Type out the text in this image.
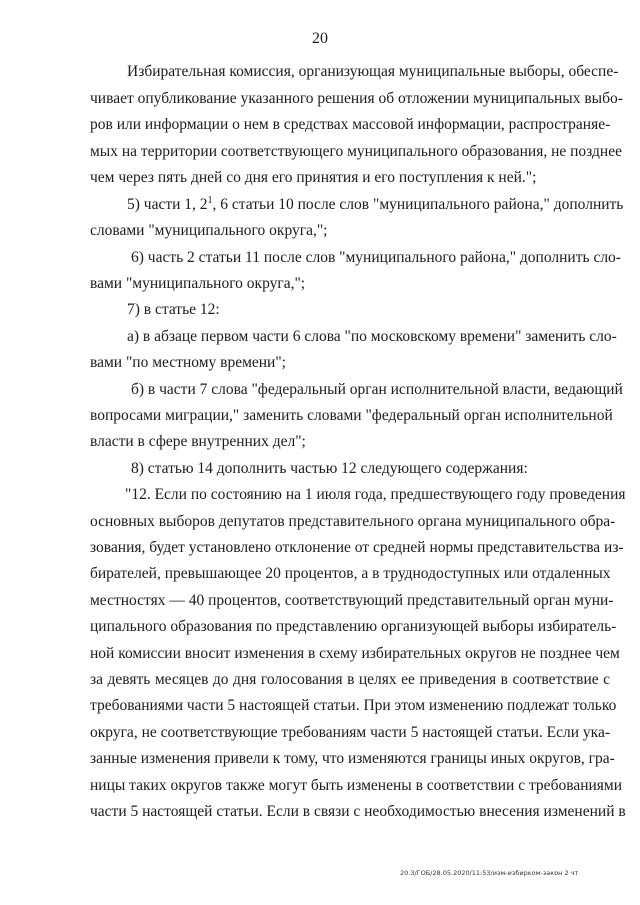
20
Избирательная комиссия, организующая муниципальные выборы, обеспе-
чивает опубликование указанного решения об отложении муниципальных выбо-
ров или информации о нем в средствах массовой информации, распространяе-
мых на территории соответствующего муниципального образования, не позднее
чем через пять дней со дня его принятия и его поступления к ней.";
5) части 1, $2^1$, 6 статьи 10 после слов "муниципального района," дополнить
словами "муниципального округа,";
6) часть 2 статьи 11 после слов "муниципального района," дополнить сло-
вами "муниципального округа,";
7) в статье 12:
а) в абзаце первом части 6 слова "по московскому времени" заменить сло-
вами "по местному времени";
б) в части 7 слова "федеральный орган исполнительной власти, ведающий
вопросами миграции," заменить словами "федеральный орган исполнительной
власти в сфере внутренних дел";
8) статью 14 дополнить частью 12 следующего содержания:
"12. Если по состоянию на 1 июля года, предшествующего году проведения
основных выборов депутатов представительного органа муниципального обра-
зования, будет установлено отклонение от средней нормы представительства из-
бирателей, превышающее 20 процентов, а в труднодоступных или отдаленных
местностях — 40 процентов, соответствующий представительный орган муни-
ципального образования по представлению организующей выборы избиратель-
ной комиссии вносит изменения в схему избирательных округов не позднее чем
за девять месяцев до дня голосования в целях ее приведения в соответствие с
требованиями части 5 настоящей статьи. При этом изменению подлежат только
округа, не соответствующие требованиям части 5 настоящей статьи. Если ука-
занные изменения привели к тому, что изменяются границы иных округов, гра-
ницы таких округов также могут быть изменены в соответствии с требованиями
части 5 настоящей статьи. Если в связи с необходимостью внесения изменений в
20.3/ГОБ/28.05.2020/11:53/изм-избирком-закон 2 чт
